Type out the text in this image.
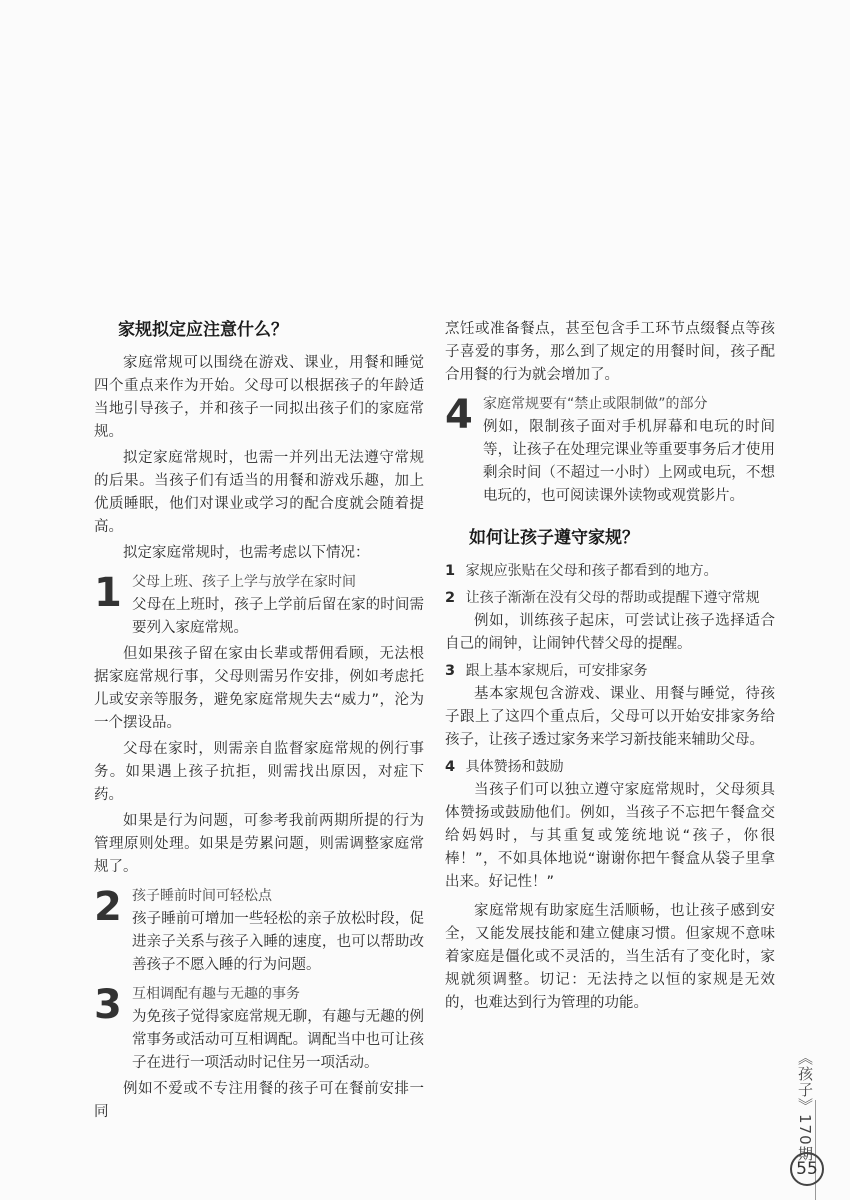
家规拟定应注意什么？
家庭常规可以围绕在游戏、课业，用餐和睡觉四个重点来作为开始。父母可以根据孩子的年龄适当地引导孩子，并和孩子一同拟出孩子们的家庭常规。
拟定家庭常规时，也需一并列出无法遵守常规的后果。当孩子们有适当的用餐和游戏乐趣，加上优质睡眠，他们对课业或学习的配合度就会随着提高。
拟定家庭常规时，也需考虑以下情况：
1 父母上班、孩子上学与放学在家时间
父母在上班时，孩子上学前后留在家的时间需要列入家庭常规。
但如果孩子留在家由长辈或帮佣看顾，无法根据家庭常规行事，父母则需另作安排，例如考虑托儿或安亲等服务，避免家庭常规失去“威力”，沦为一个摆设品。
父母在家时，则需亲自监督家庭常规的例行事务。如果遇上孩子抗拒，则需找出原因，对症下药。
如果是行为问题，可参考我前两期所提的行为管理原则处理。如果是劳累问题，则需调整家庭常规了。
2 孩子睡前时间可轻松点
孩子睡前可增加一些轻松的亲子放松时段，促进亲子关系与孩子入睡的速度，也可以帮助改善孩子不愿入睡的行为问题。
3 互相调配有趣与无趣的事务
为免孩子觉得家庭常规无聊，有趣与无趣的例常事务或活动可互相调配。调配当中也可让孩子在进行一项活动时记住另一项活动。
例如不爱或不专注用餐的孩子可在餐前安排一同
烹饪或准备餐点，甚至包含手工环节点缀餐点等孩子喜爱的事务，那么到了规定的用餐时间，孩子配合用餐的行为就会增加了。
4 家庭常规要有“禁止或限制做”的部分
例如，限制孩子面对手机屏幕和电玩的时间等，让孩子在处理完课业等重要事务后才使用剩余时间（不超过一小时）上网或电玩，不想电玩的，也可阅读课外读物或观赏影片。
如何让孩子遵守家规？
1 家规应张贴在父母和孩子都看到的地方。
2 让孩子渐渐在没有父母的帮助或提醒下遵守常规
例如，训练孩子起床，可尝试让孩子选择适合自己的闹钟，让闹钟代替父母的提醒。
3 跟上基本家规后，可安排家务
基本家规包含游戏、课业、用餐与睡觉，待孩子跟上了这四个重点后，父母可以开始安排家务给孩子，让孩子透过家务来学习新技能来辅助父母。
4 具体赞扬和鼓励
当孩子们可以独立遵守家庭常规时，父母须具体赞扬或鼓励他们。例如，当孩子不忘把午餐盒交给妈妈时，与其重复或笼统地说“孩子，你很棒！”，不如具体地说“谢谢你把午餐盒从袋子里拿出来。好记性！”
家庭常规有助家庭生活顺畅，也让孩子感到安全，又能发展技能和建立健康习惯。但家规不意味着家庭是僵化或不灵活的，当生活有了变化时，家规就须调整。切记：无法持之以恒的家规是无效的，也难达到行为管理的功能。
《孩子》170期
55
